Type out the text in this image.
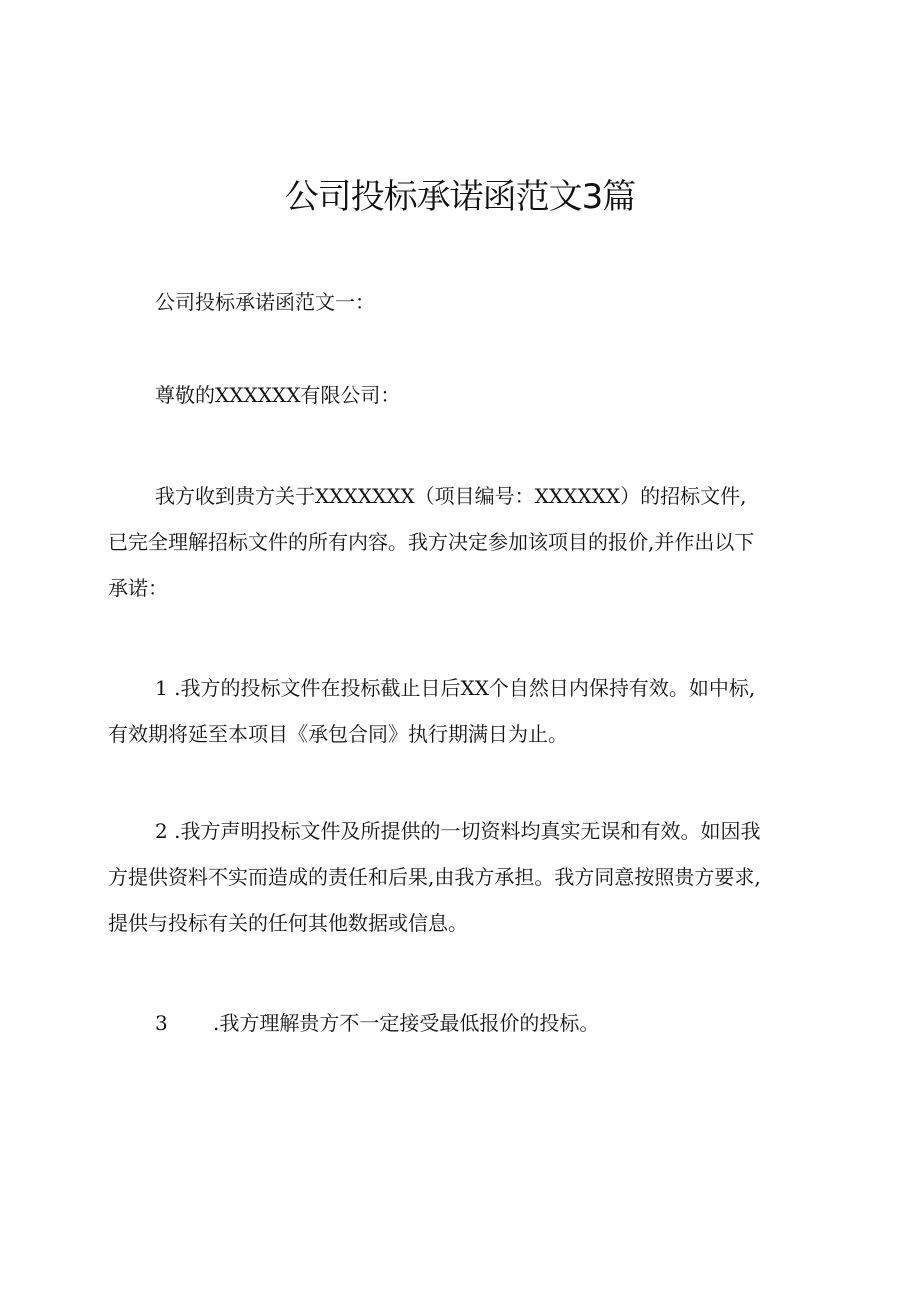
公司投标承诺函范文3篇
公司投标承诺函范文一：
尊敬的XXXXXX有限公司：
我方收到贵方关于XXXXXXX（项目编号：XXXXXX）的招标文件,
已完全理解招标文件的所有内容。我方决定参加该项目的报价,并作出以下
承诺：
1 .我方的投标文件在投标截止日后XX个自然日内保持有效。如中标,
有效期将延至本项目《承包合同》执行期满日为止。
2 .我方声明投标文件及所提供的一切资料均真实无误和有效。如因我
方提供资料不实而造成的责任和后果,由我方承担。我方同意按照贵方要求,
提供与投标有关的任何其他数据或信息。
3 .我方理解贵方不一定接受最低报价的投标。
